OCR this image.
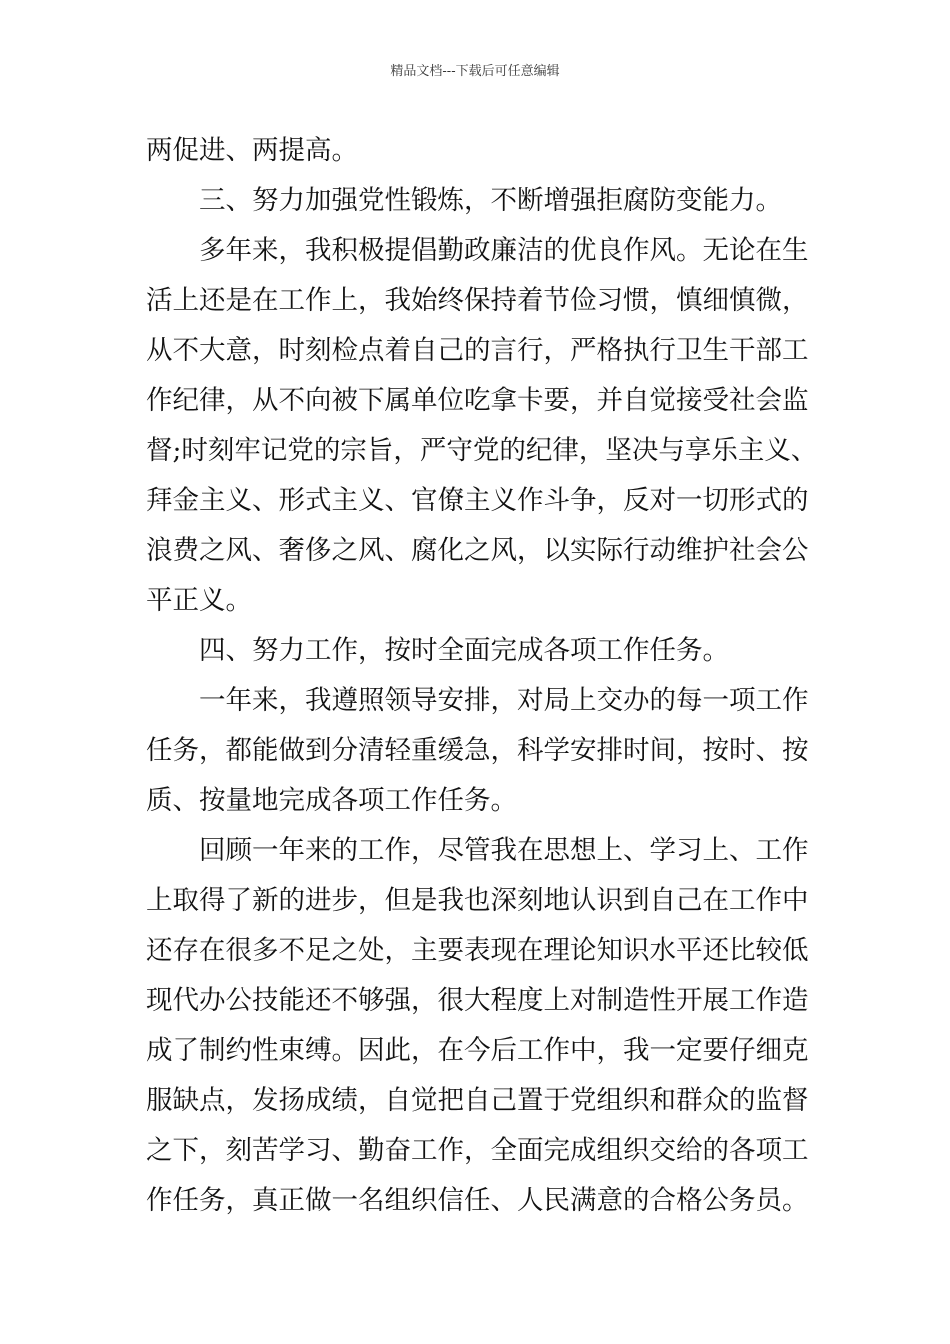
精品文档---下载后可任意编辑
两促进、两提高。
三、努力加强党性锻炼，不断增强拒腐防变能力。
多年来，我积极提倡勤政廉洁的优良作风。无论在生
活上还是在工作上，我始终保持着节俭习惯，慎细慎微，
从不大意，时刻检点着自己的言行，严格执行卫生干部工
作纪律，从不向被下属单位吃拿卡要，并自觉接受社会监
督;时刻牢记党的宗旨，严守党的纪律，坚决与享乐主义、
拜金主义、形式主义、官僚主义作斗争，反对一切形式的
浪费之风、奢侈之风、腐化之风，以实际行动维护社会公
平正义。
四、努力工作，按时全面完成各项工作任务。
一年来，我遵照领导安排，对局上交办的每一项工作
任务，都能做到分清轻重缓急，科学安排时间，按时、按
质、按量地完成各项工作任务。
回顾一年来的工作，尽管我在思想上、学习上、工作
上取得了新的进步，但是我也深刻地认识到自己在工作中
还存在很多不足之处，主要表现在理论知识水平还比较低
现代办公技能还不够强，很大程度上对制造性开展工作造
成了制约性束缚。因此，在今后工作中，我一定要仔细克
服缺点，发扬成绩，自觉把自己置于党组织和群众的监督
之下，刻苦学习、勤奋工作，全面完成组织交给的各项工
作任务，真正做一名组织信任、人民满意的合格公务员。
